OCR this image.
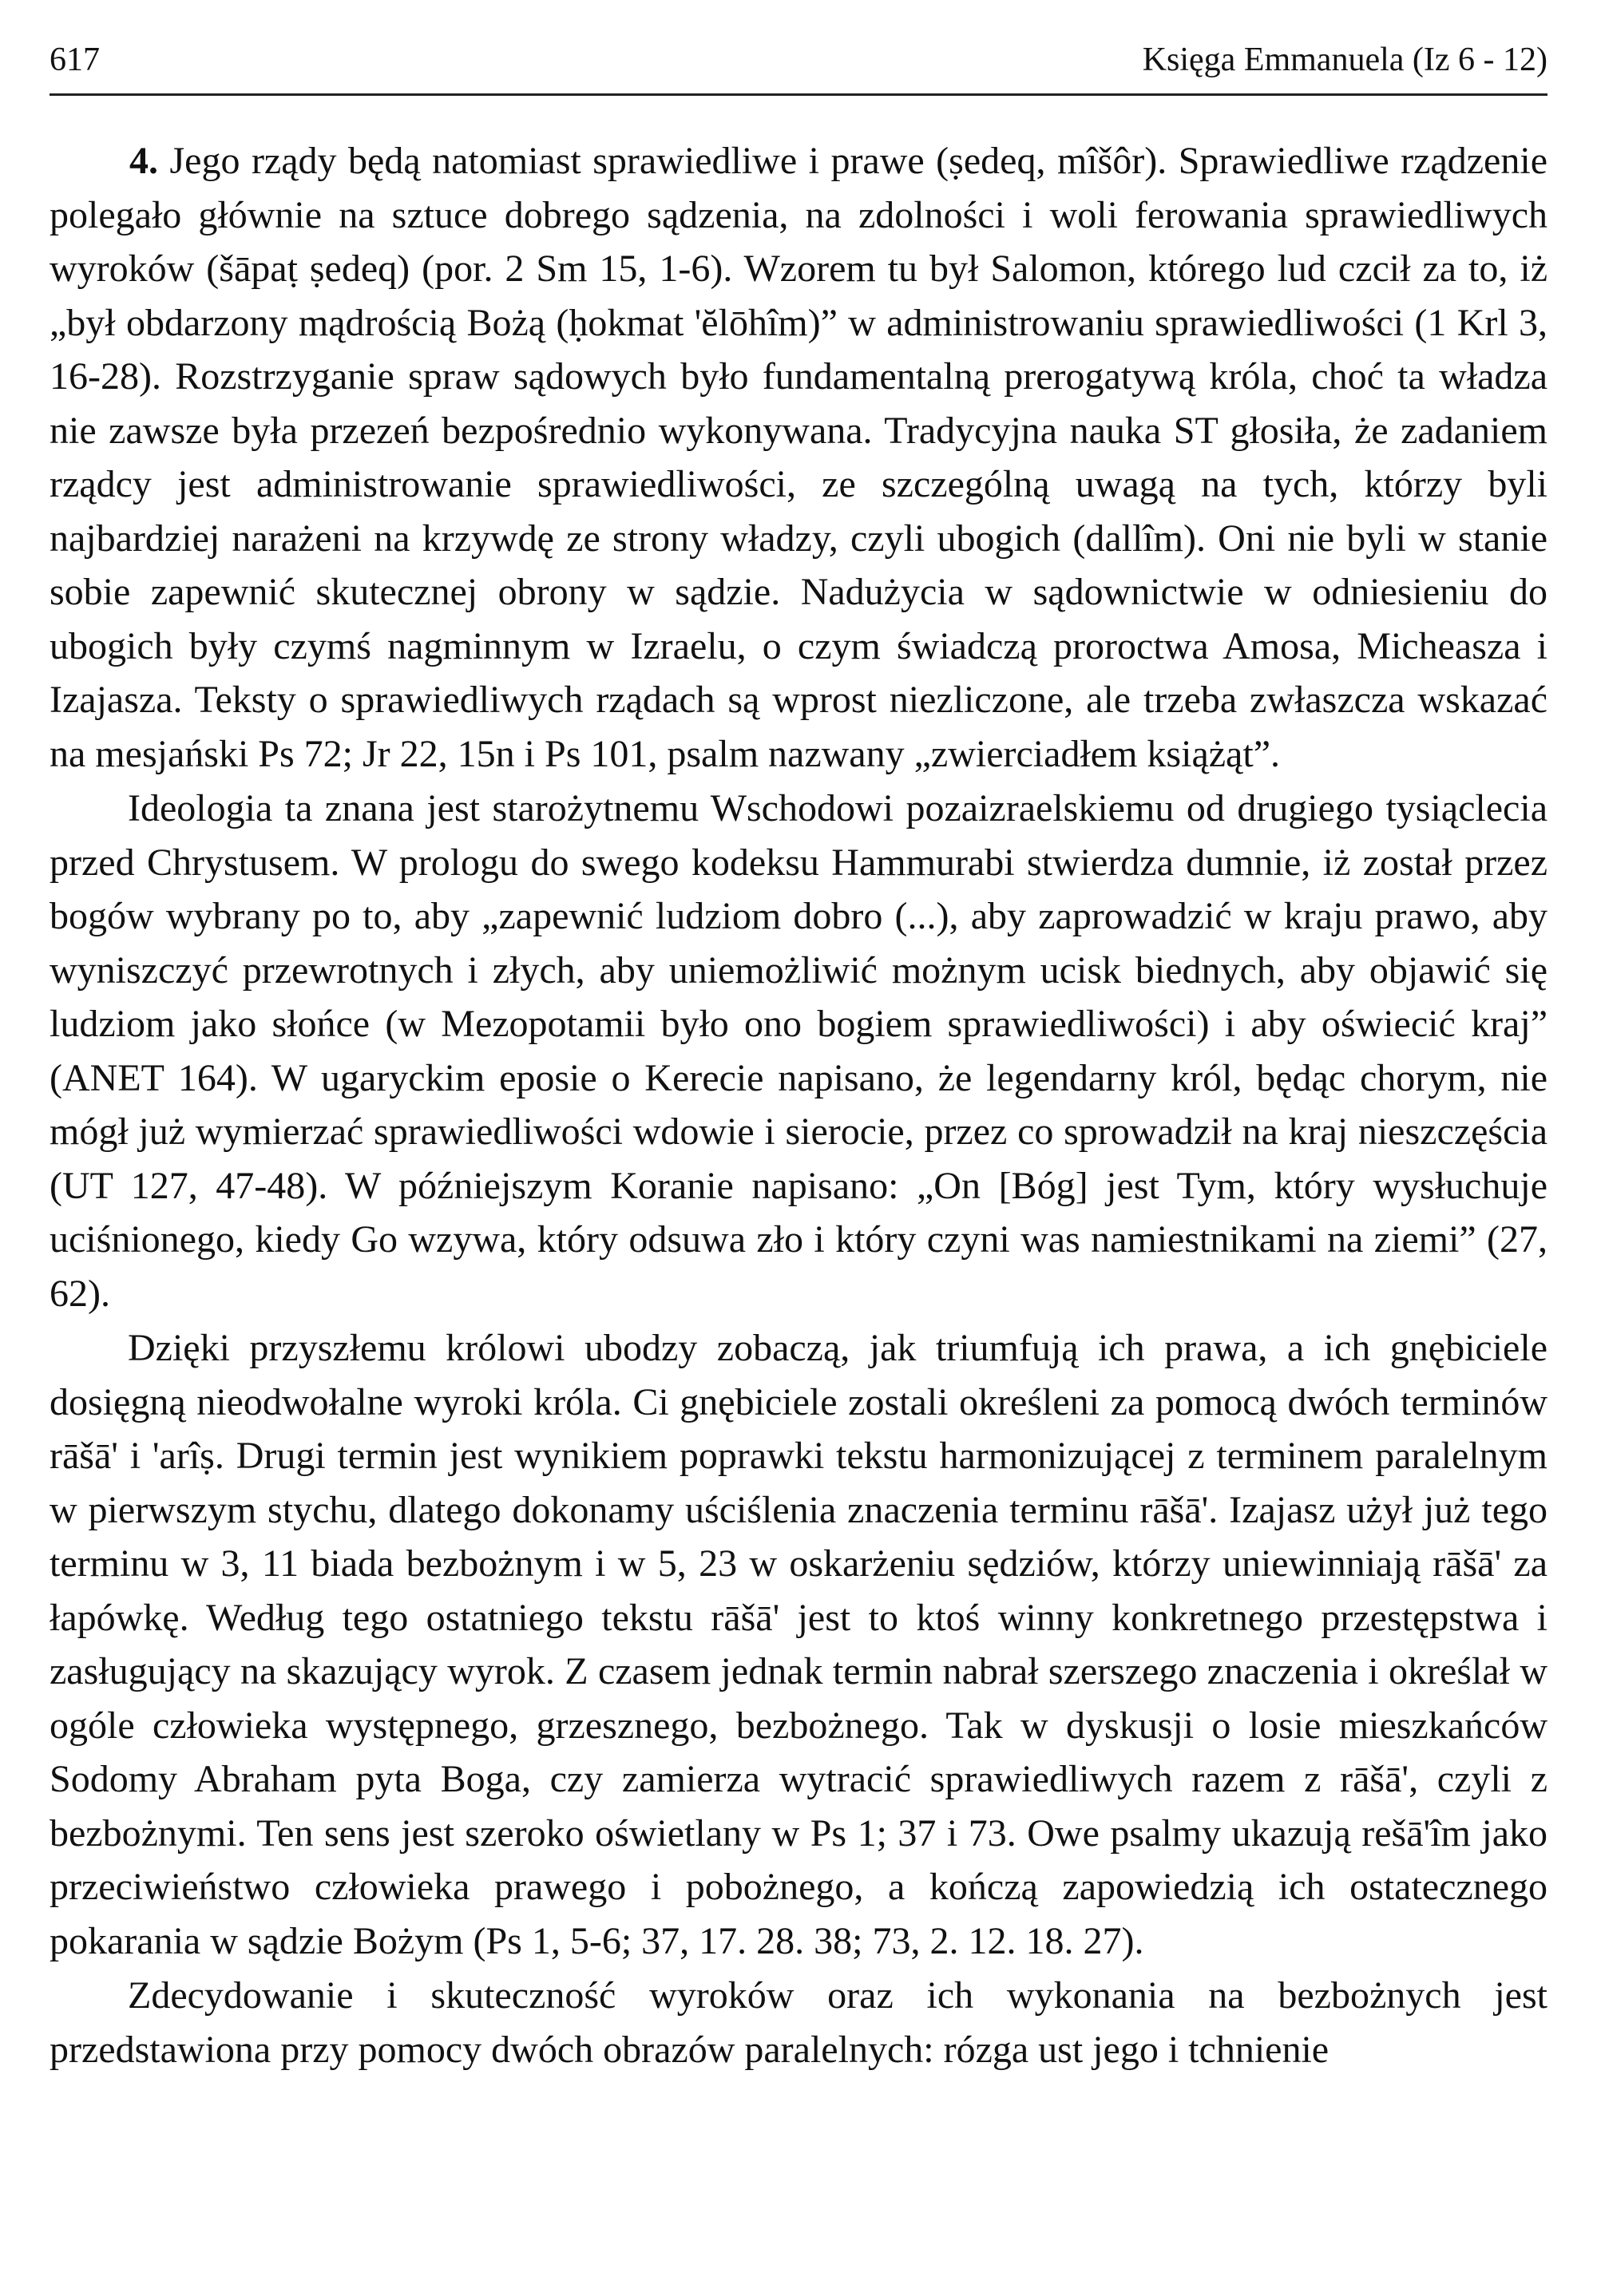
617	Księga Emmanuela (Iz 6 - 12)

4. Jego rządy będą natomiast sprawiedliwe i prawe (ṣedeq, mîšôr). Sprawiedliwe rządzenie polegało głównie na sztuce dobrego sądzenia, na zdolności i woli ferowania sprawiedliwych wyroków (šāpaṭ ṣedeq) (por. 2 Sm 15, 1-6). Wzorem tu był Salomon, którego lud czcił za to, iż „był obdarzony mądrością Bożą (ḥokmat 'ĕlōhîm)” w administrowaniu sprawiedliwości (1 Krl 3, 16-28). Rozstrzyganie spraw sądowych było fundamentalną prerogatywą króla, choć ta władza nie zawsze była przezeń bezpośrednio wykonywana. Tradycyjna nauka ST głosiła, że zadaniem rządcy jest administrowanie sprawiedliwości, ze szczególną uwagą na tych, którzy byli najbardziej narażeni na krzywdę ze strony władzy, czyli ubogich (dallîm). Oni nie byli w stanie sobie zapewnić skutecznej obrony w sądzie. Nadużycia w sądownictwie w odniesieniu do ubogich były czymś nagminnym w Izraelu, o czym świadczą proroctwa Amosa, Micheasza i Izajasza. Teksty o sprawiedliwych rządach są wprost niezliczone, ale trzeba zwłaszcza wskazać na mesjański Ps 72; Jr 22, 15n i Ps 101, psalm nazwany „zwierciadłem książąt”.

Ideologia ta znana jest starożytnemu Wschodowi pozaizraelskiemu od drugiego tysiąclecia przed Chrystusem. W prologu do swego kodeksu Hammurabi stwierdza dumnie, iż został przez bogów wybrany po to, aby „zapewnić ludziom dobro (...), aby zaprowadzić w kraju prawo, aby wyniszczyć przewrotnych i złych, aby uniemożliwić możnym ucisk biednych, aby objawić się ludziom jako słońce (w Mezopotamii było ono bogiem sprawiedliwości) i aby oświecić kraj” (ANET 164). W ugaryckim eposie o Kerecie napisano, że legendarny król, będąc chorym, nie mógł już wymierzać sprawiedliwości wdowie i sierocie, przez co sprowadził na kraj nieszczęścia (UT 127, 47-48). W późniejszym Koranie napisano: „On [Bóg] jest Tym, który wysłuchuje uciśnionego, kiedy Go wzywa, który odsuwa zło i który czyni was namiestnikami na ziemi” (27, 62).

Dzięki przyszłemu królowi ubodzy zobaczą, jak triumfują ich prawa, a ich gnębiciele dosięgną nieodwołalne wyroki króla. Ci gnębiciele zostali określeni za pomocą dwóch terminów rāšā' i 'arîṣ. Drugi termin jest wynikiem poprawki tekstu harmonizującej z terminem paralelnym w pierwszym stychu, dlatego dokonamy uściślenia znaczenia terminu rāšā'. Izajasz użył już tego terminu w 3, 11 biada bezbożnym i w 5, 23 w oskarżeniu sędziów, którzy uniewinniają rāšā' za łapówkę. Według tego ostatniego tekstu rāšā' jest to ktoś winny konkretnego przestępstwa i zasługujący na skazujący wyrok. Z czasem jednak termin nabrał szerszego znaczenia i określał w ogóle człowieka występnego, grzesznego, bezbożnego. Tak w dyskusji o losie mieszkańców Sodomy Abraham pyta Boga, czy zamierza wytracić sprawiedliwych razem z rāšā', czyli z bezbożnymi. Ten sens jest szeroko oświetlany w Ps 1; 37 i 73. Owe psalmy ukazują rešā'îm jako przeciwieństwo człowieka prawego i pobożnego, a kończą zapowiedzią ich ostatecznego pokarania w sądzie Bożym (Ps 1, 5-6; 37, 17. 28. 38; 73, 2. 12. 18. 27).

Zdecydowanie i skuteczność wyroków oraz ich wykonania na bezbożnych jest przedstawiona przy pomocy dwóch obrazów paralelnych: rózga ust jego i tchnienie
